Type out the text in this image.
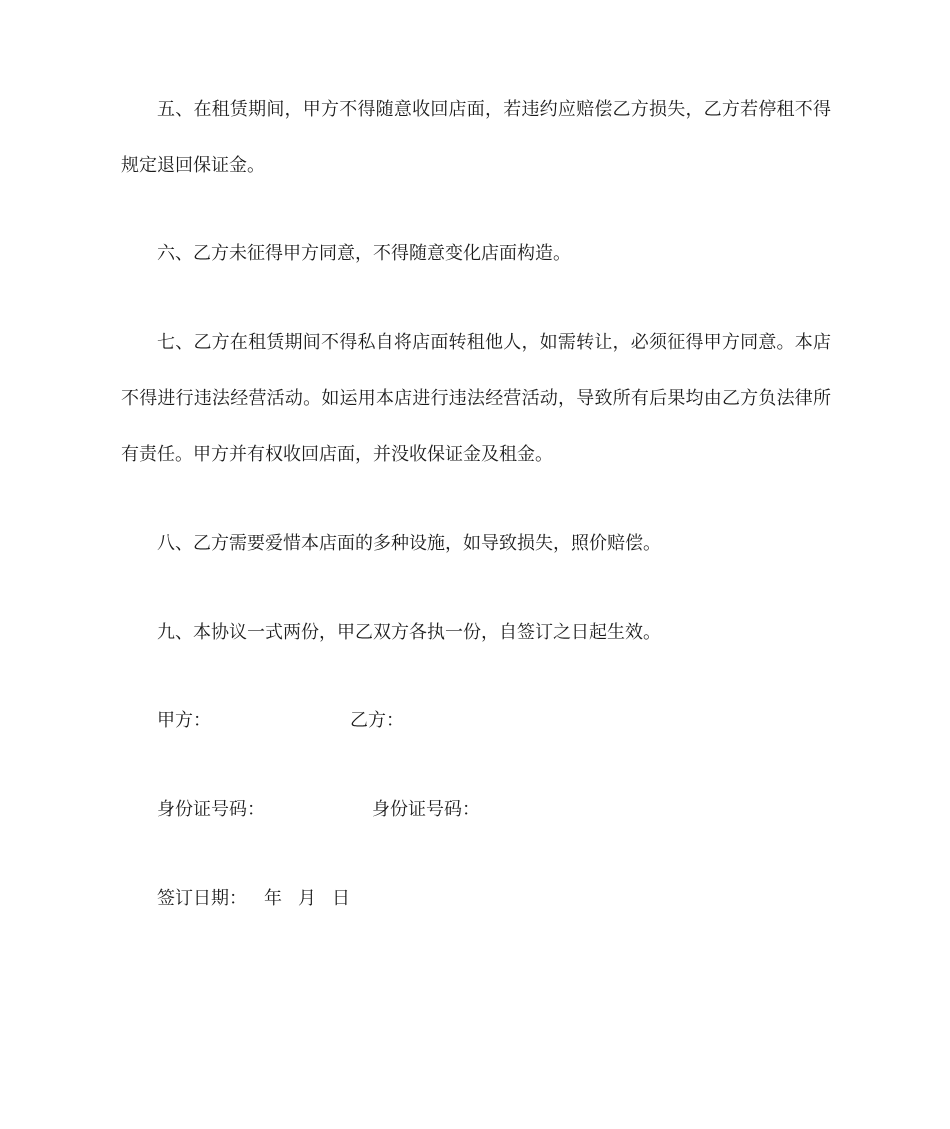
五、在租赁期间，甲方不得随意收回店面，若违约应赔偿乙方损失，乙方若停租不得规定退回保证金。

六、乙方未征得甲方同意，不得随意变化店面构造。

七、乙方在租赁期间不得私自将店面转租他人，如需转让，必须征得甲方同意。本店不得进行违法经营活动。如运用本店进行违法经营活动，导致所有后果均由乙方负法律所有责任。甲方并有权收回店面，并没收保证金及租金。

八、乙方需要爱惜本店面的多种设施，如导致损失，照价赔偿。

九、本协议一式两份，甲乙双方各执一份，自签订之日起生效。

甲方：	乙方：
身份证号码：	身份证号码：
签订日期： 年 月 日
